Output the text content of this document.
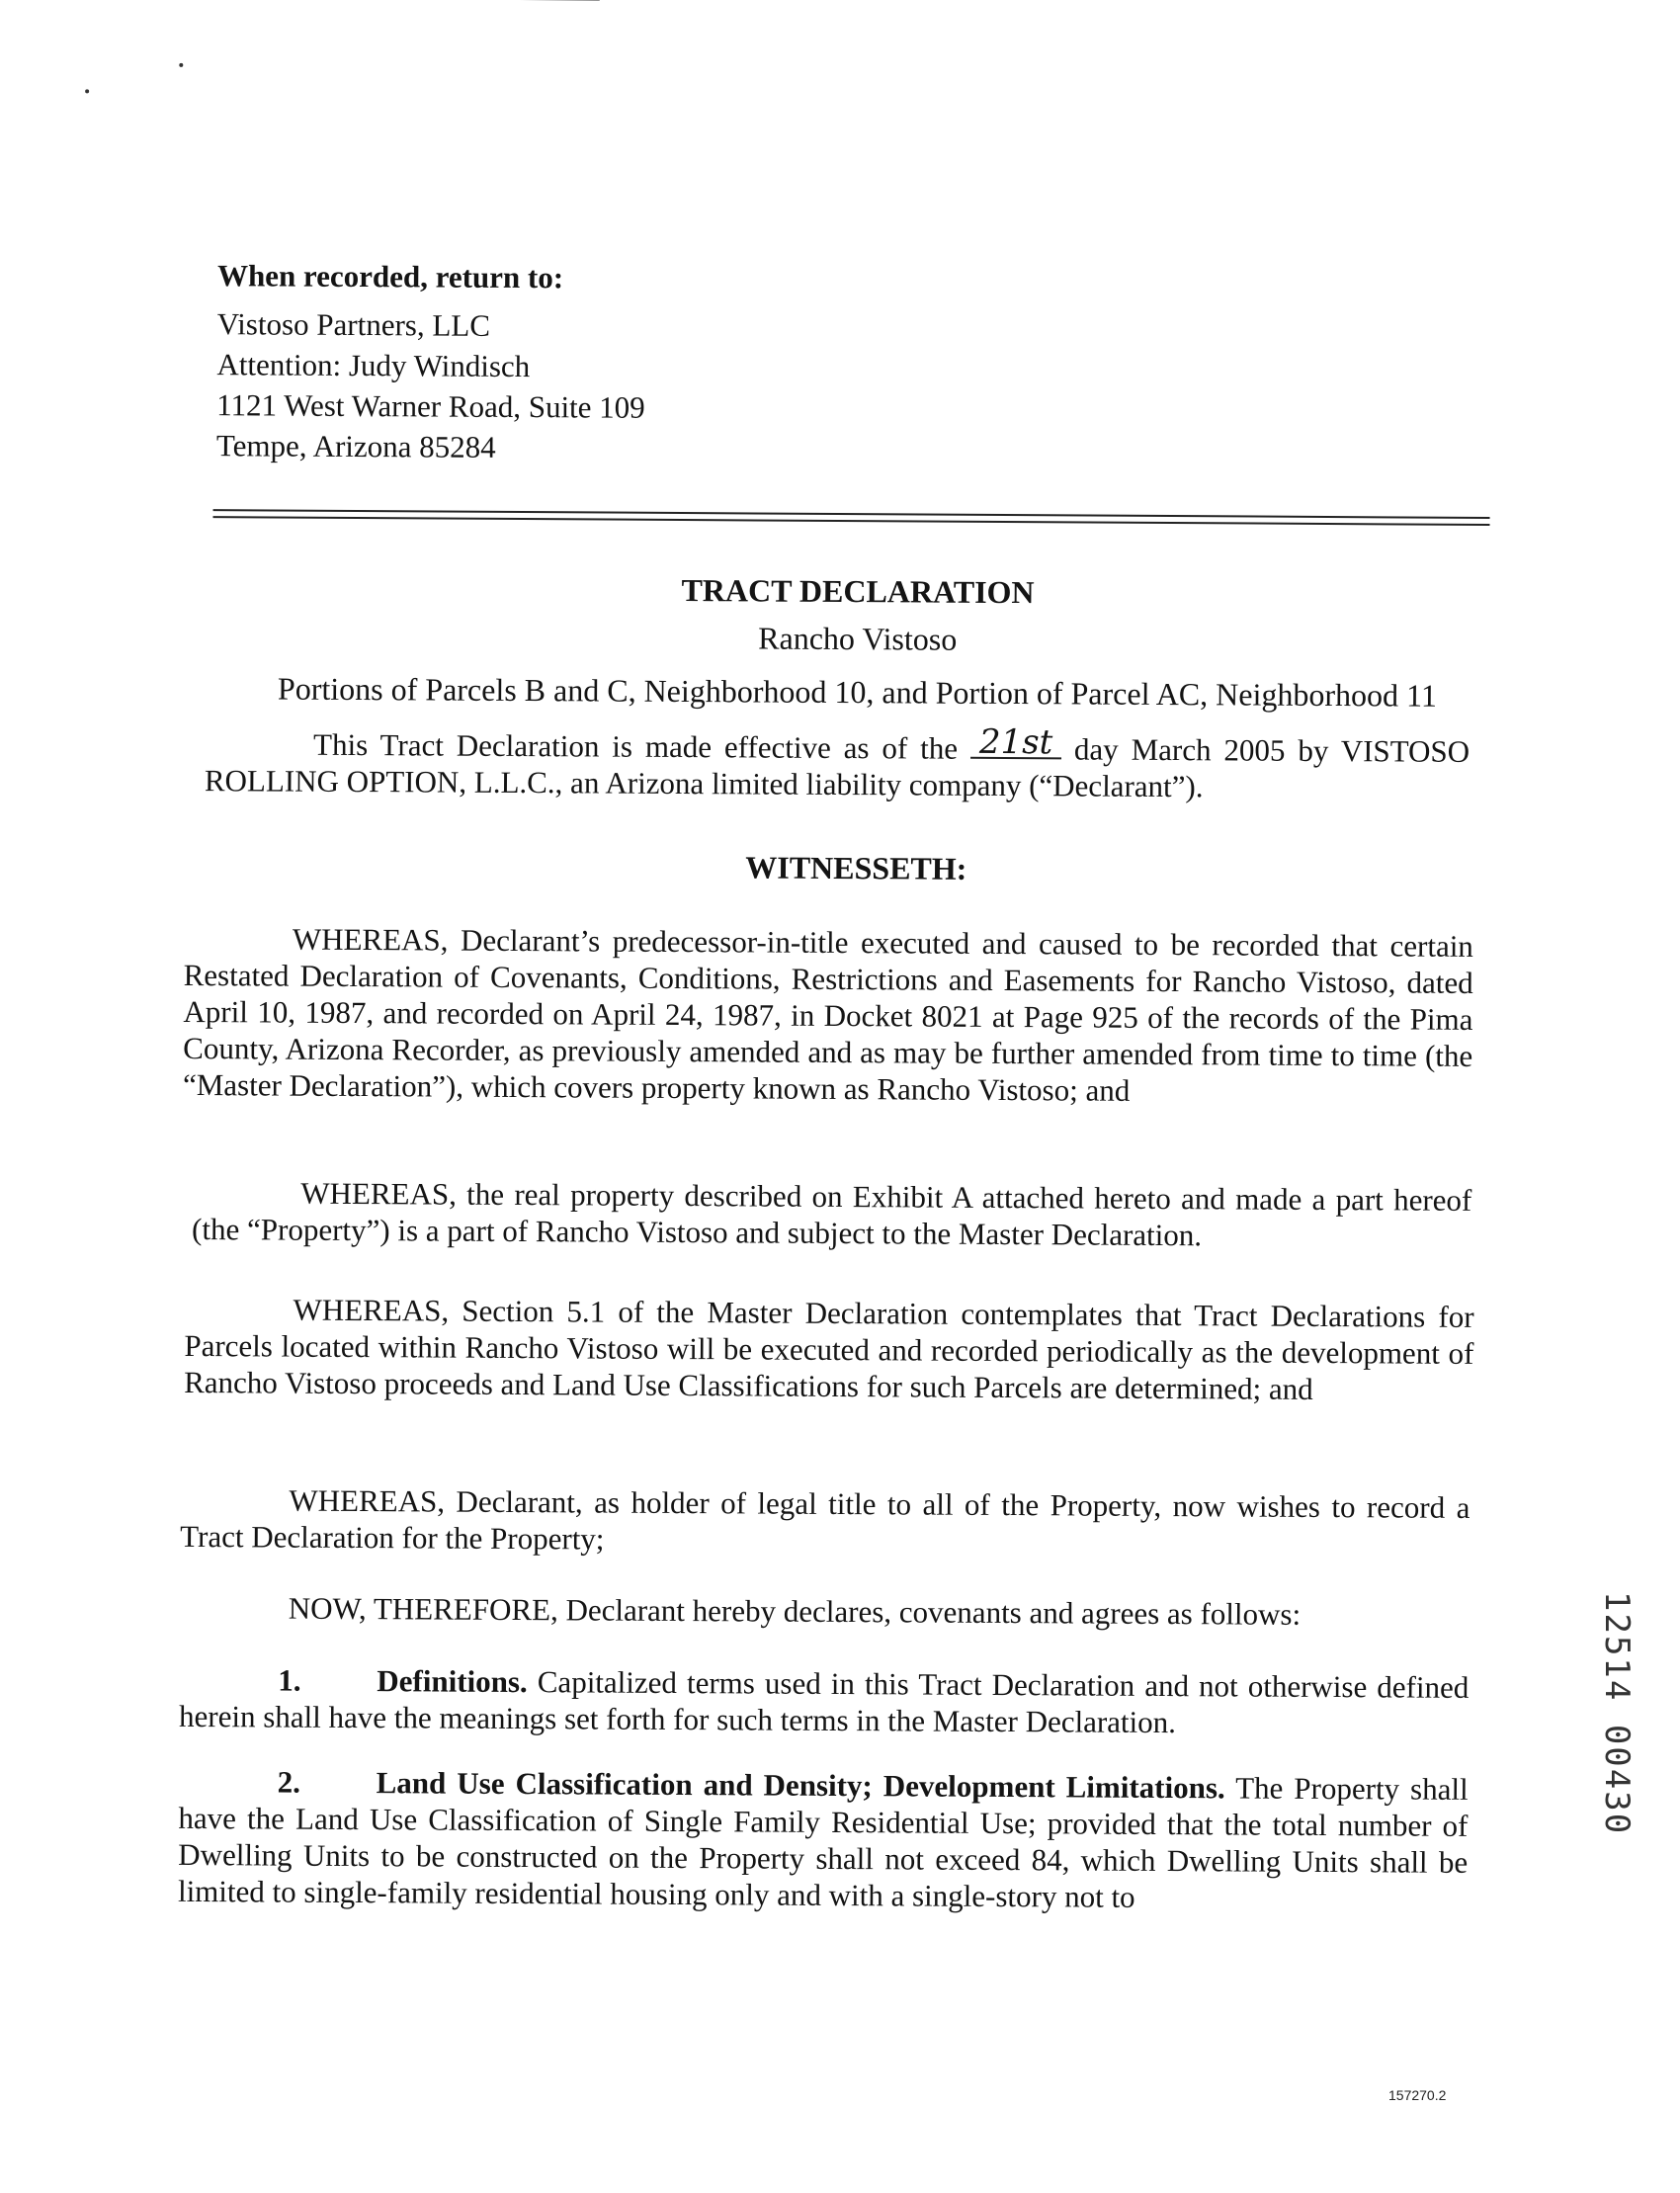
When recorded, return to:
Vistoso Partners, LLC
Attention: Judy Windisch
1121 West Warner Road, Suite 109
Tempe, Arizona 85284
TRACT DECLARATION
Rancho Vistoso
Portions of Parcels B and C, Neighborhood 10, and Portion of Parcel AC, Neighborhood 11
This Tract Declaration is made effective as of the 21st day March 2005 by VISTOSO ROLLING OPTION, L.L.C., an Arizona limited liability company (“Declarant”).
WITNESSETH:
WHEREAS, Declarant’s predecessor-in-title executed and caused to be recorded that certain Restated Declaration of Covenants, Conditions, Restrictions and Easements for Rancho Vistoso, dated April 10, 1987, and recorded on April 24, 1987, in Docket 8021 at Page 925 of the records of the Pima County, Arizona Recorder, as previously amended and as may be further amended from time to time (the “Master Declaration”), which covers property known as Rancho Vistoso; and
WHEREAS, the real property described on Exhibit A attached hereto and made a part hereof (the “Property”) is a part of Rancho Vistoso and subject to the Master Declaration.
WHEREAS, Section 5.1 of the Master Declaration contemplates that Tract Declarations for Parcels located within Rancho Vistoso will be executed and recorded periodically as the development of Rancho Vistoso proceeds and Land Use Classifications for such Parcels are determined; and
WHEREAS, Declarant, as holder of legal title to all of the Property, now wishes to record a Tract Declaration for the Property;
NOW, THEREFORE, Declarant hereby declares, covenants and agrees as follows:
1. Definitions. Capitalized terms used in this Tract Declaration and not otherwise defined herein shall have the meanings set forth for such terms in the Master Declaration.
2. Land Use Classification and Density; Development Limitations. The Property shall have the Land Use Classification of Single Family Residential Use; provided that the total number of Dwelling Units to be constructed on the Property shall not exceed 84, which Dwelling Units shall be limited to single-family residential housing only and with a single-story not to
12514 00430
157270.2
